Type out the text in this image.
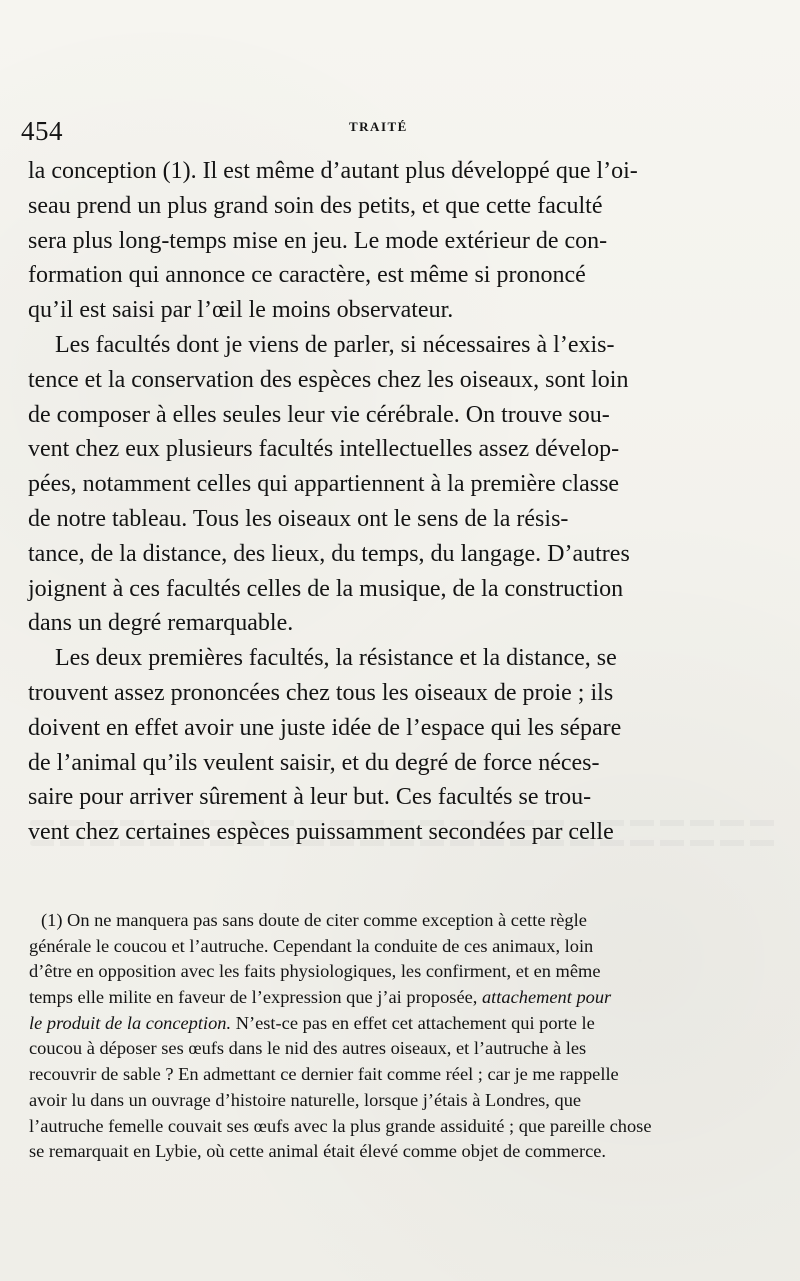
454	TRAITÉ
la conception (1). Il est même d’autant plus développé que l’oi-
seau prend un plus grand soin des petits, et que cette faculté
sera plus long-temps mise en jeu. Le mode extérieur de con-
formation qui annonce ce caractère, est même si prononcé
qu’il est saisi par l’œil le moins observateur.
Les facultés dont je viens de parler, si nécessaires à l’exis-
tence et la conservation des espèces chez les oiseaux, sont loin
de composer à elles seules leur vie cérébrale. On trouve sou-
vent chez eux plusieurs facultés intellectuelles assez dévelop-
pées, notamment celles qui appartiennent à la première classe
de notre tableau. Tous les oiseaux ont le sens de la résis-
tance, de la distance, des lieux, du temps, du langage. D’autres
joignent à ces facultés celles de la musique, de la construction
dans un degré remarquable.
Les deux premières facultés, la résistance et la distance, se
trouvent assez prononcées chez tous les oiseaux de proie ; ils
doivent en effet avoir une juste idée de l’espace qui les sépare
de l’animal qu’ils veulent saisir, et du degré de force néces-
saire pour arriver sûrement à leur but. Ces facultés se trou-
vent chez certaines espèces puissamment secondées par celle
(1) On ne manquera pas sans doute de citer comme exception à cette règle
générale le coucou et l’autruche. Cependant la conduite de ces animaux, loin
d’être en opposition avec les faits physiologiques, les confirment, et en même
temps elle milite en faveur de l’expression que j’ai proposée,
attachement pour
le produit de la conception.
N’est-ce pas en effet cet attachement qui porte le
coucou à déposer ses œufs dans le nid des autres oiseaux, et l’autruche à les
recouvrir de sable ? En admettant ce dernier fait comme réel ; car je me rappelle
avoir lu dans un ouvrage d’histoire naturelle, lorsque j’étais à Londres, que
l’autruche femelle couvait ses œufs avec la plus grande assiduité ; que pareille chose
se remarquait en Lybie, où cette animal était élevé comme objet de commerce.
